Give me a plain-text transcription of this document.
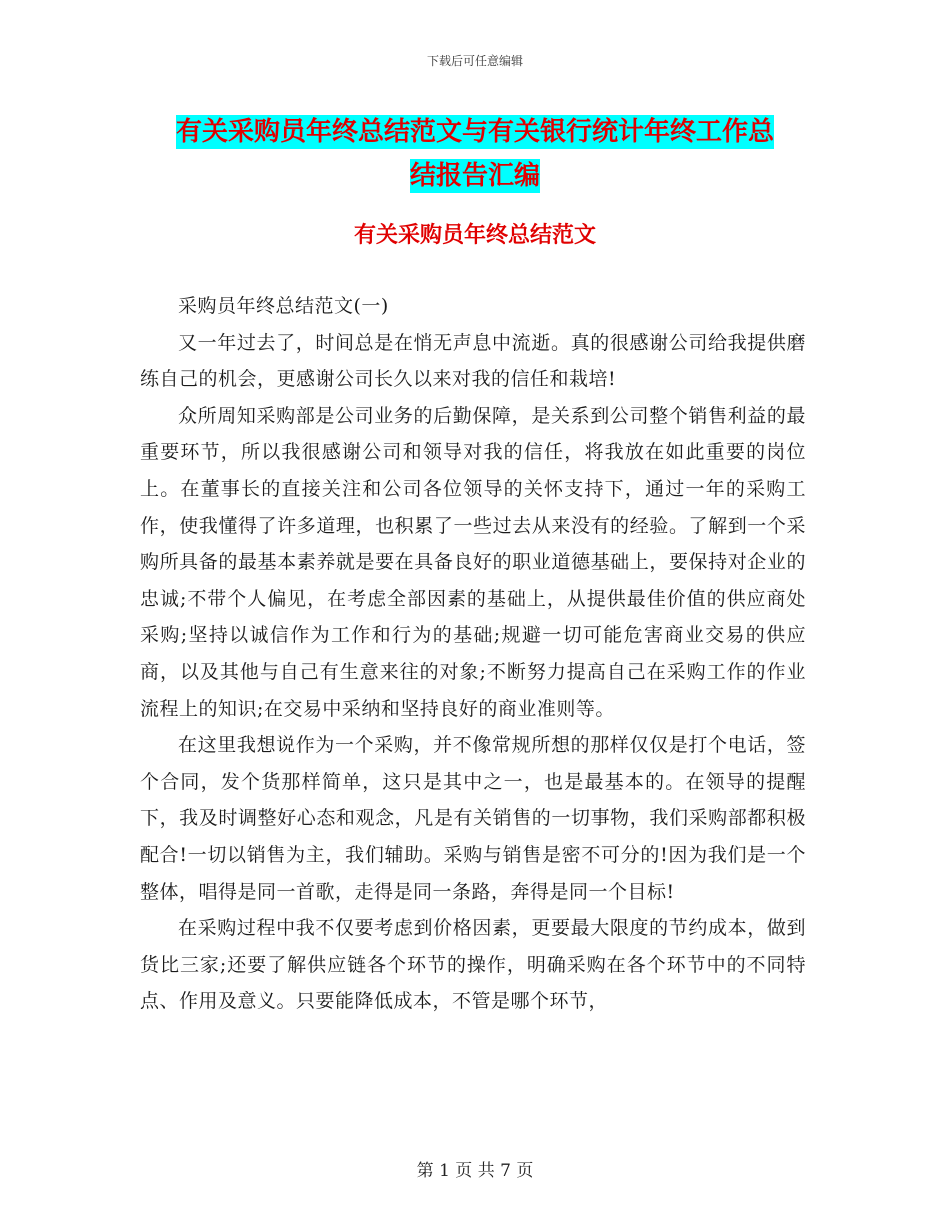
下载后可任意编辑
有关采购员年终总结范文与有关银行统计年终工作总
结报告汇编
有关采购员年终总结范文

采购员年终总结范文(一)

又一年过去了，时间总是在悄无声息中流逝。真的很感谢公司给我提供磨练自己的机会，更感谢公司长久以来对我的信任和栽培!

众所周知采购部是公司业务的后勤保障，是关系到公司整个销售利益的最重要环节，所以我很感谢公司和领导对我的信任，将我放在如此重要的岗位上。在董事长的直接关注和公司各位领导的关怀支持下，通过一年的采购工作，使我懂得了许多道理，也积累了一些过去从来没有的经验。了解到一个采购所具备的最基本素养就是要在具备良好的职业道德基础上，要保持对企业的忠诚;不带个人偏见，在考虑全部因素的基础上，从提供最佳价值的供应商处采购;坚持以诚信作为工作和行为的基础;规避一切可能危害商业交易的供应商，以及其他与自己有生意来往的对象;不断努力提高自己在采购工作的作业流程上的知识;在交易中采纳和坚持良好的商业准则等。

在这里我想说作为一个采购，并不像常规所想的那样仅仅是打个电话，签个合同，发个货那样简单，这只是其中之一，也是最基本的。在领导的提醒下，我及时调整好心态和观念，凡是有关销售的一切事物，我们采购部都积极配合!一切以销售为主，我们辅助。采购与销售是密不可分的!因为我们是一个整体，唱得是同一首歌，走得是同一条路，奔得是同一个目标!

在采购过程中我不仅要考虑到价格因素，更要最大限度的节约成本，做到货比三家;还要了解供应链各个环节的操作，明确采购在各个环节中的不同特点、作用及意义。只要能降低成本，不管是哪个环节，

第 1 页 共 7 页
